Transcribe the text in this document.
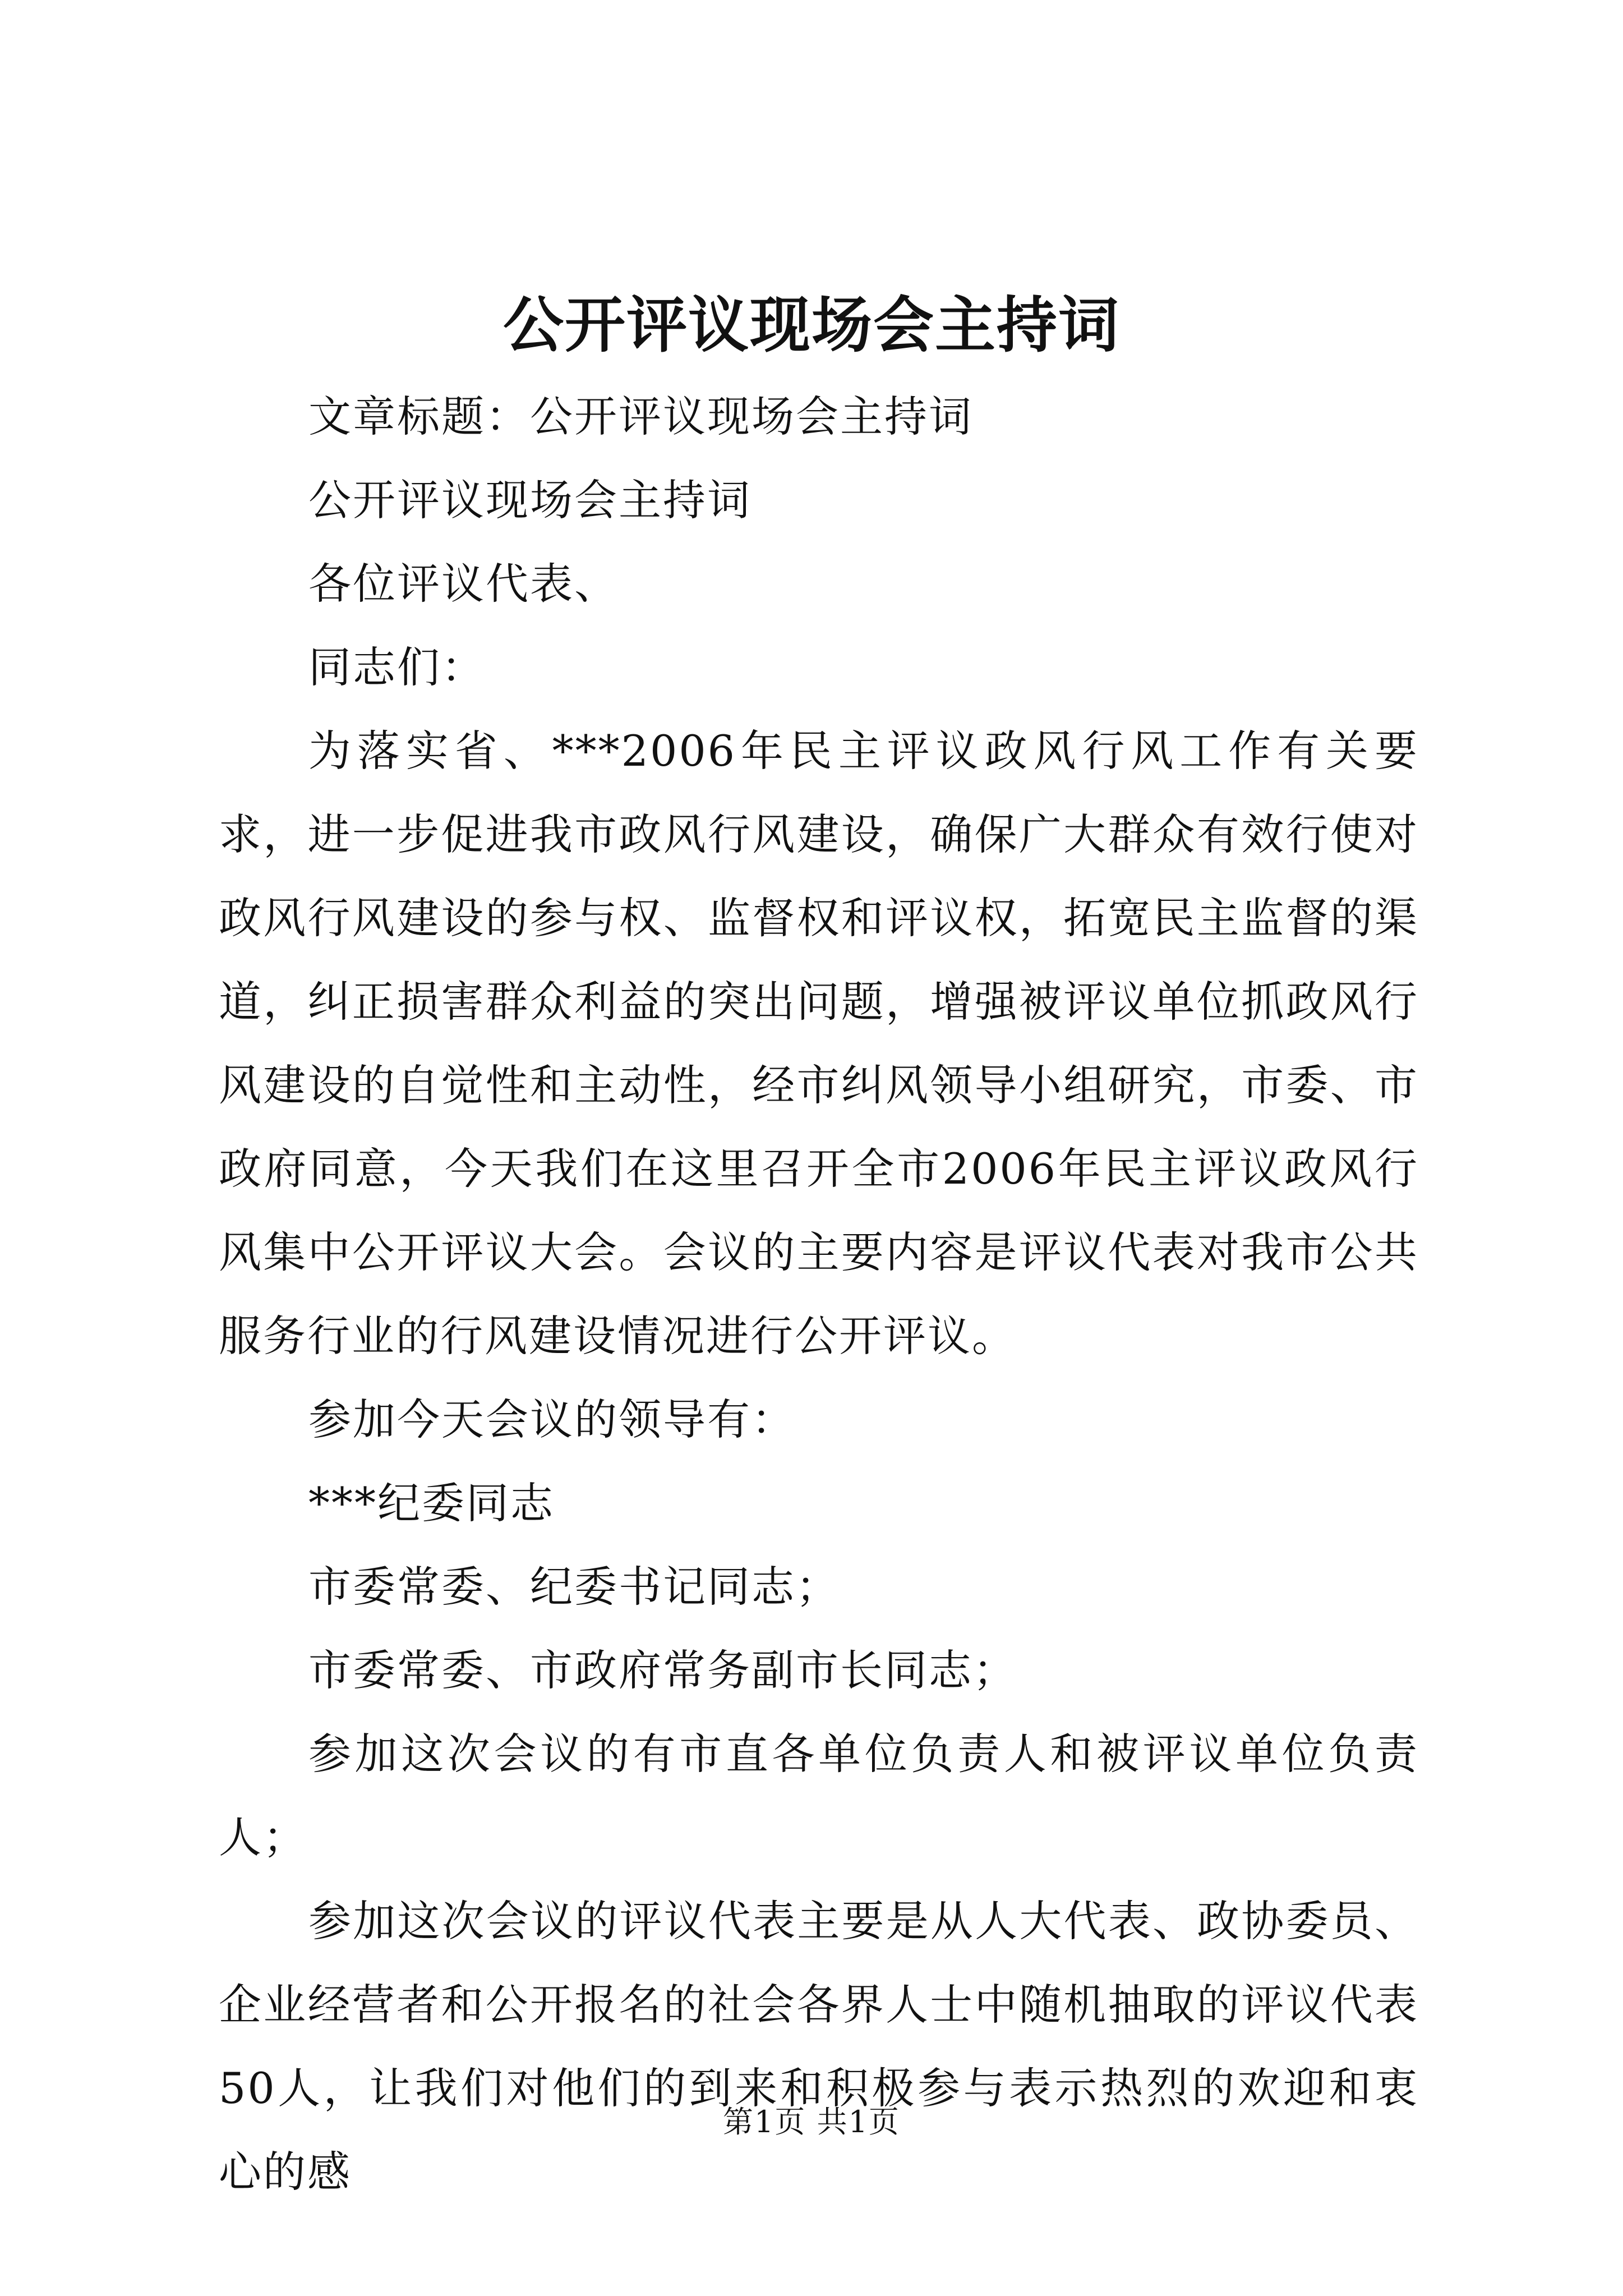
公开评议现场会主持词

文章标题：公开评议现场会主持词

公开评议现场会主持词

各位评议代表、

同志们：

为落实省、***2006年民主评议政风行风工作有关要求，进一步促进我市政风行风建设，确保广大群众有效行使对政风行风建设的参与权、监督权和评议权，拓宽民主监督的渠道，纠正损害群众利益的突出问题，增强被评议单位抓政风行风建设的自觉性和主动性，经市纠风领导小组研究，市委、市政府同意，今天我们在这里召开全市2006年民主评议政风行风集中公开评议大会。会议的主要内容是评议代表对我市公共服务行业的行风建设情况进行公开评议。

参加今天会议的领导有：

***纪委同志

市委常委、纪委书记同志；

市委常委、市政府常务副市长同志；

参加这次会议的有市直各单位负责人和被评议单位负责人；

参加这次会议的评议代表主要是从人大代表、政协委员、企业经营者和公开报名的社会各界人士中随机抽取的评议代表50人，让我们对他们的到来和积极参与表示热烈的欢迎和衷心的感

第1页 共1页
